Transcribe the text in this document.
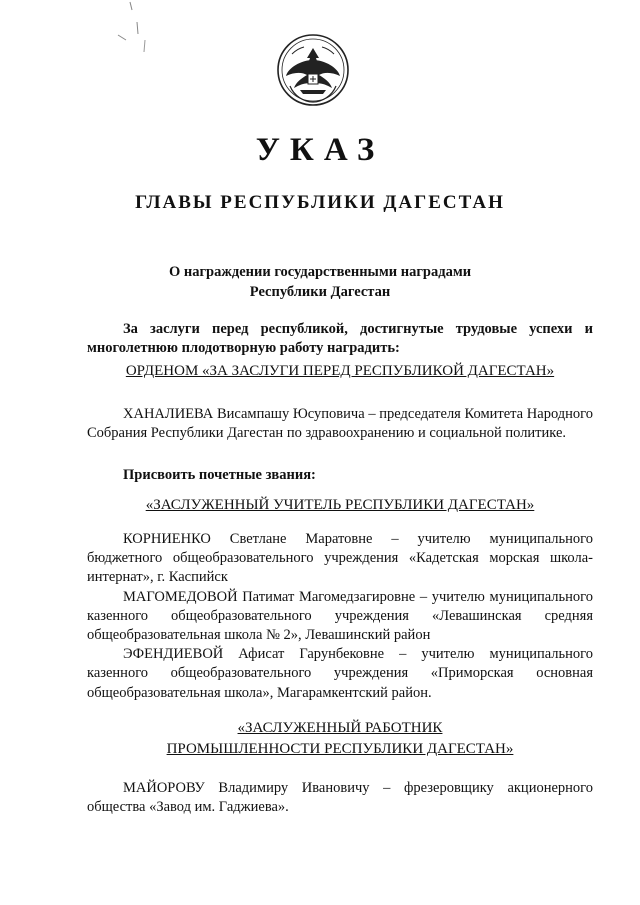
УКАЗ
ГЛАВЫ РЕСПУБЛИКИ ДАГЕСТАН
О награждении государственными наградами
Республики Дагестан

За заслуги перед республикой, достигнутые трудовые успехи и многолетнюю плодотворную работу наградить:

ОРДЕНОМ «ЗА ЗАСЛУГИ ПЕРЕД РЕСПУБЛИКОЙ ДАГЕСТАН»

ХАНАЛИЕВА Висампашу Юсуповича – председателя Комитета Народного Собрания Республики Дагестан по здравоохранению и социальной политике.

Присвоить почетные звания:

«ЗАСЛУЖЕННЫЙ УЧИТЕЛЬ РЕСПУБЛИКИ ДАГЕСТАН»

КОРНИЕНКО Светлане Маратовне – учителю муниципального бюджетного общеобразовательного учреждения «Кадетская морская школа-интернат», г. Каспийск

МАГОМЕДОВОЙ Патимат Магомедзагировне – учителю муниципального казенного общеобразовательного учреждения «Левашинская средняя общеобразовательная школа № 2», Левашинский район

ЭФЕНДИЕВОЙ Афисат Гарунбековне – учителю муниципального казенного общеобразовательного учреждения «Приморская основная общеобразовательная школа», Магарамкентский район.

«ЗАСЛУЖЕННЫЙ РАБОТНИК
ПРОМЫШЛЕННОСТИ РЕСПУБЛИКИ ДАГЕСТАН»

МАЙОРОВУ Владимиру Ивановичу – фрезеровщику акционерного общества «Завод им. Гаджиева».
